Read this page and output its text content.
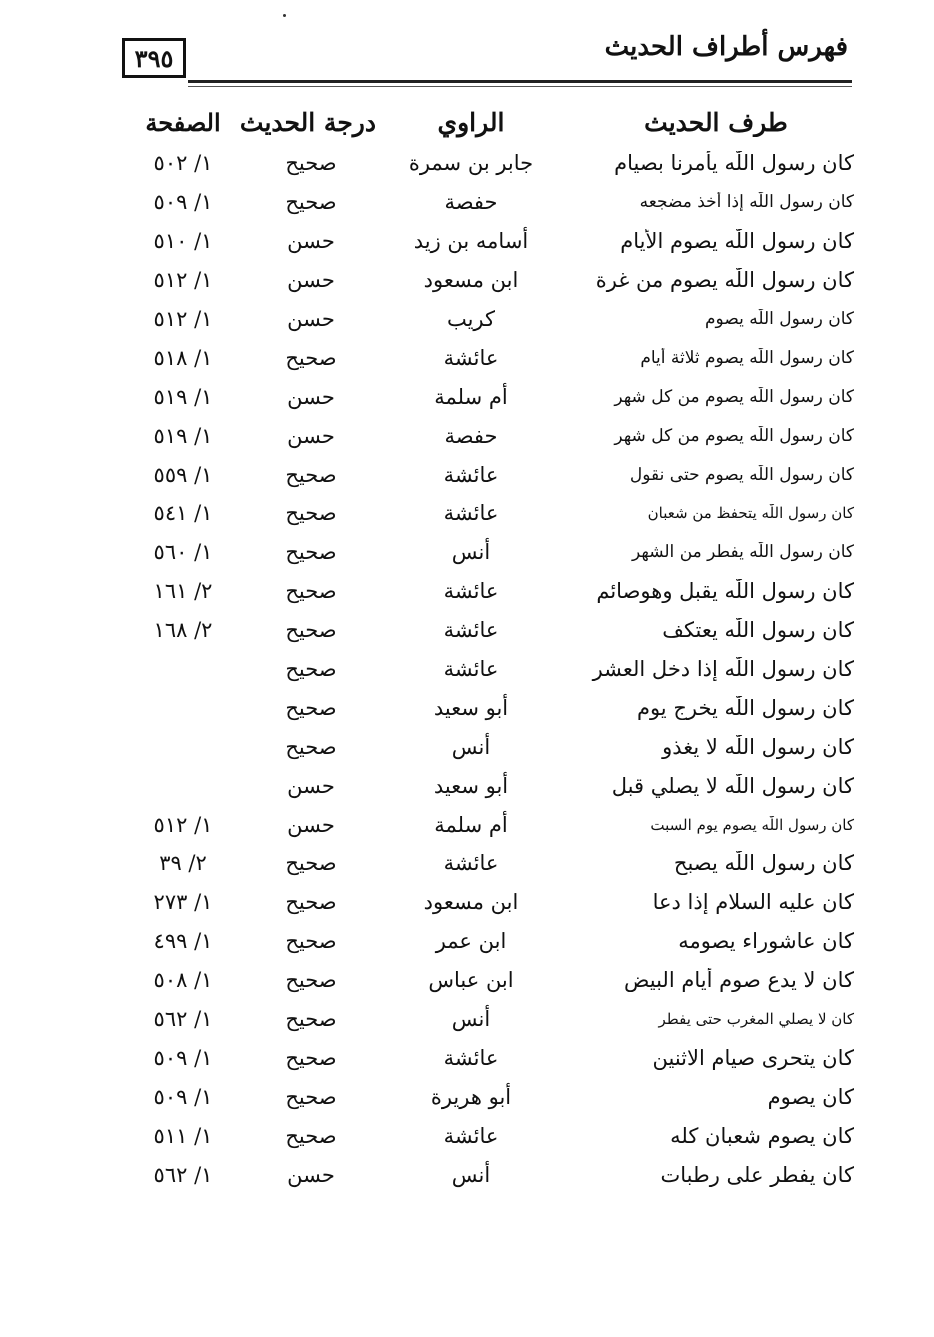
٣٩٥	فهرس أطراف الحديث
طرف الحديث
الراوي
درجة الحديث
الصفحة
كان رسول اللّٰه يأمرنا بصيام
جابر بن سمرة
صحيح
١/ ٥٠٢
كان رسول اللّٰه إذا أخذ مضجعه
حفصة
صحيح
١/ ٥٠٩
كان رسول اللّٰه يصوم الأيام
أسامه بن زيد
حسن
١/ ٥١٠
كان رسول اللّٰه يصوم من غرة
ابن مسعود
حسن
١/ ٥١٢
كان رسول اللّٰه يصوم
كريب
حسن
١/ ٥١٢
كان رسول اللّٰه يصوم ثلاثة أيام
عائشة
صحيح
١/ ٥١٨
كان رسول اللّٰه يصوم من كل شهر
أم سلمة
حسن
١/ ٥١٩
كان رسول اللّٰه يصوم من كل شهر
حفصة
حسن
١/ ٥١٩
كان رسول اللّٰه يصوم حتى نقول
عائشة
صحيح
١/ ٥٥٩
كان رسول اللّٰه يتحفظ من شعبان
عائشة
صحيح
١/ ٥٤١
كان رسول اللّٰه يفطر من الشهر
أنس
صحيح
١/ ٥٦٠
كان رسول اللّٰه يقبل وهوصائم
عائشة
صحيح
٢/ ١٦١
كان رسول اللّٰه يعتكف
عائشة
صحيح
٢/ ١٦٨
كان رسول اللّٰه إذا دخل العشر
عائشة
صحيح
كان رسول اللّٰه يخرج يوم
أبو سعيد
صحيح
كان رسول اللّٰه لا يغذو
أنس
صحيح
كان رسول اللّٰه لا يصلي قبل
أبو سعيد
حسن
كان رسول اللّٰه يصوم يوم السبت
أم سلمة
حسن
١/ ٥١٢
كان رسول اللّٰه يصبح
عائشة
صحيح
٢/ ٣٩
كان عليه السلام إذا دعا
ابن مسعود
صحيح
١/ ٢٧٣
كان عاشوراء يصومه
ابن عمر
صحيح
١/ ٤٩٩
كان لا يدع صوم أيام البيض
ابن عباس
صحيح
١/ ٥٠٨
كان لا يصلي المغرب حتى يفطر
أنس
صحيح
١/ ٥٦٢
كان يتحرى صيام الاثنين
عائشة
صحيح
١/ ٥٠٩
كان يصوم
أبو هريرة
صحيح
١/ ٥٠٩
كان يصوم شعبان كله
عائشة
صحيح
١/ ٥١١
كان يفطر على رطبات
أنس
حسن
١/ ٥٦٢
